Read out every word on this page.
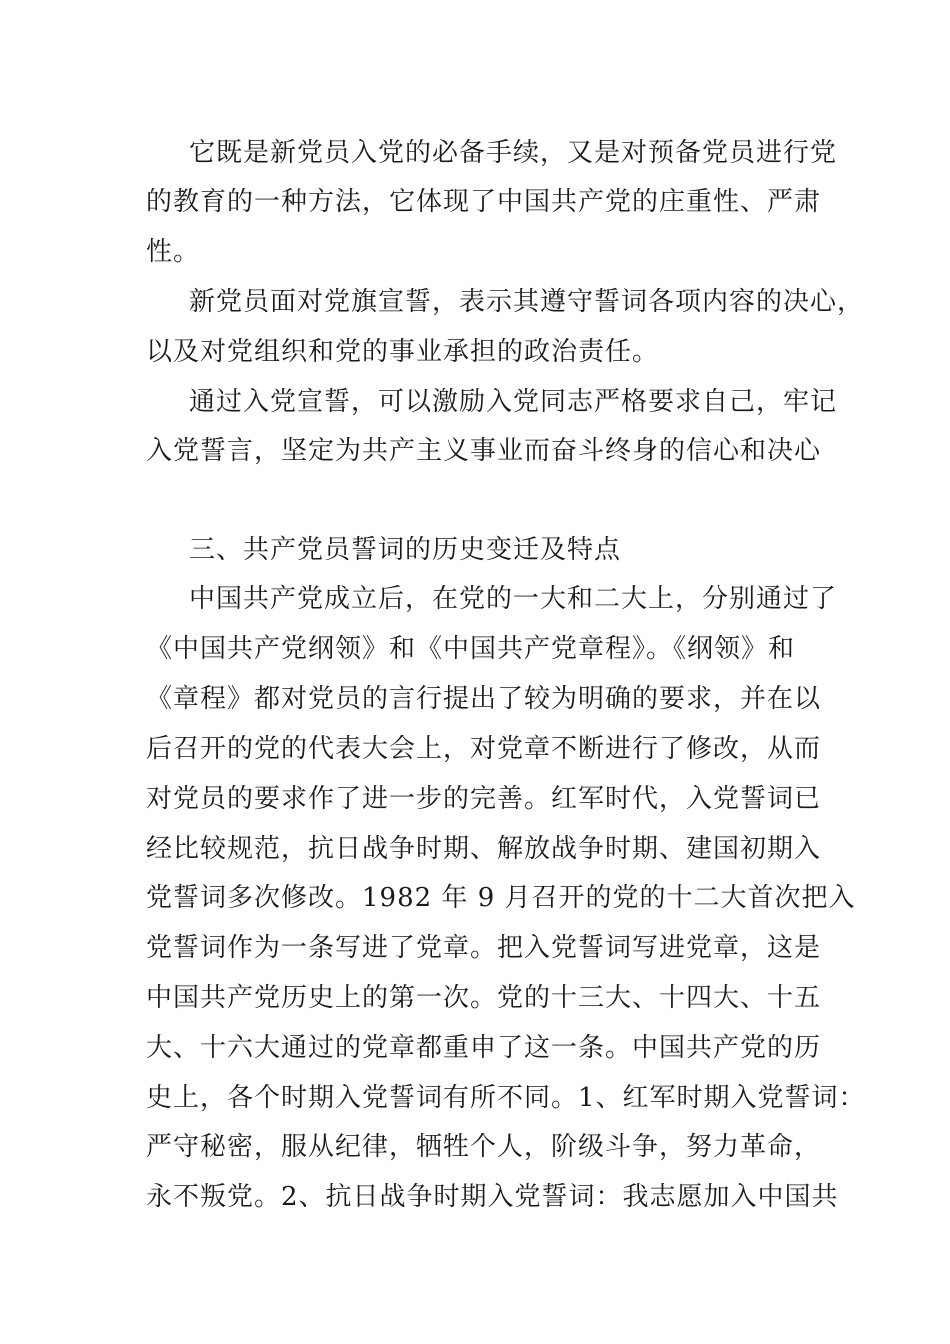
它既是新党员入党的必备手续，又是对预备党员进行党
的教育的一种方法，它体现了中国共产党的庄重性、严肃
性。
新党员面对党旗宣誓，表示其遵守誓词各项内容的决心，
以及对党组织和党的事业承担的政治责任。
通过入党宣誓，可以激励入党同志严格要求自己，牢记
入党誓言，坚定为共产主义事业而奋斗终身的信心和决心
三、共产党员誓词的历史变迁及特点
中国共产党成立后，在党的一大和二大上，分别通过了
《中国共产党纲领》和《中国共产党章程》。《纲领》和
《章程》都对党员的言行提出了较为明确的要求，并在以
后召开的党的代表大会上，对党章不断进行了修改，从而
对党员的要求作了进一步的完善。红军时代，入党誓词已
经比较规范，抗日战争时期、解放战争时期、建国初期入
党誓词多次修改。1982 年 9 月召开的党的十二大首次把入
党誓词作为一条写进了党章。把入党誓词写进党章，这是
中国共产党历史上的第一次。党的十三大、十四大、十五
大、十六大通过的党章都重申了这一条。中国共产党的历
史上，各个时期入党誓词有所不同。1、红军时期入党誓词：
严守秘密，服从纪律，牺牲个人，阶级斗争，努力革命，
永不叛党。2、抗日战争时期入党誓词：我志愿加入中国共
